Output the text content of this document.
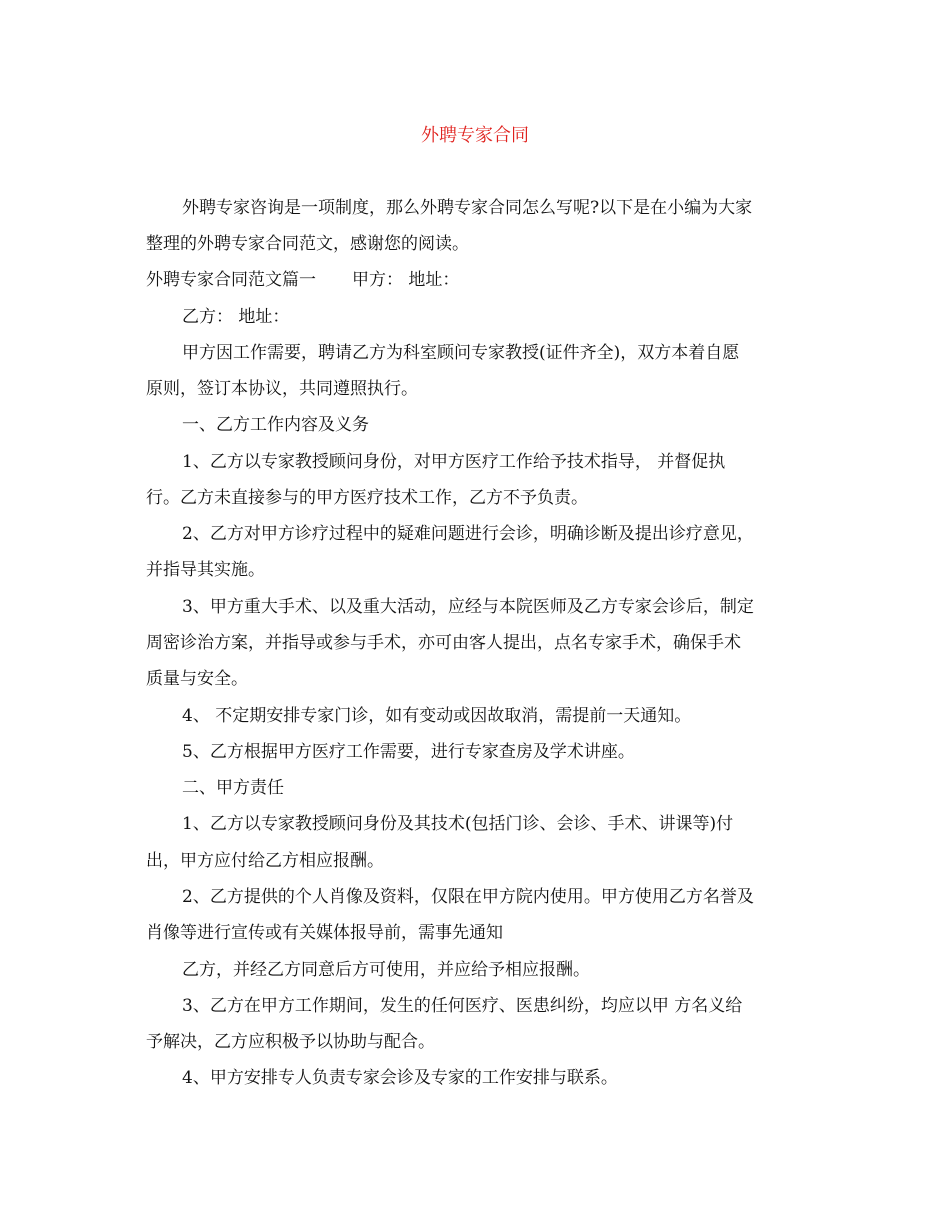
外聘专家合同
外聘专家咨询是一项制度，那么外聘专家合同怎么写呢?以下是在小编为大家
整理的外聘专家合同范文，感谢您的阅读。
外聘专家合同范文篇一 甲方： 地址：
乙方： 地址：
甲方因工作需要，聘请乙方为科室顾问专家教授(证件齐全)，双方本着自愿
原则，签订本协议，共同遵照执行。
一、乙方工作内容及义务
1、乙方以专家教授顾问身份，对甲方医疗工作给予技术指导， 并督促执
行。乙方未直接参与的甲方医疗技术工作，乙方不予负责。
2、乙方对甲方诊疗过程中的疑难问题进行会诊，明确诊断及提出诊疗意见，
并指导其实施。
3、甲方重大手术、以及重大活动，应经与本院医师及乙方专家会诊后，制定
周密诊治方案，并指导或参与手术，亦可由客人提出，点名专家手术，确保手术
质量与安全。
4、 不定期安排专家门诊，如有变动或因故取消，需提前一天通知。
5、乙方根据甲方医疗工作需要，进行专家查房及学术讲座。
二、甲方责任
1、乙方以专家教授顾问身份及其技术(包括门诊、会诊、手术、讲课等)付
出，甲方应付给乙方相应报酬。
2、乙方提供的个人肖像及资料，仅限在甲方院内使用。甲方使用乙方名誉及
肖像等进行宣传或有关媒体报导前，需事先通知
乙方，并经乙方同意后方可使用，并应给予相应报酬。
3、乙方在甲方工作期间，发生的任何医疗、医患纠纷，均应以甲 方名义给
予解决，乙方应积极予以协助与配合。
4、甲方安排专人负责专家会诊及专家的工作安排与联系。
